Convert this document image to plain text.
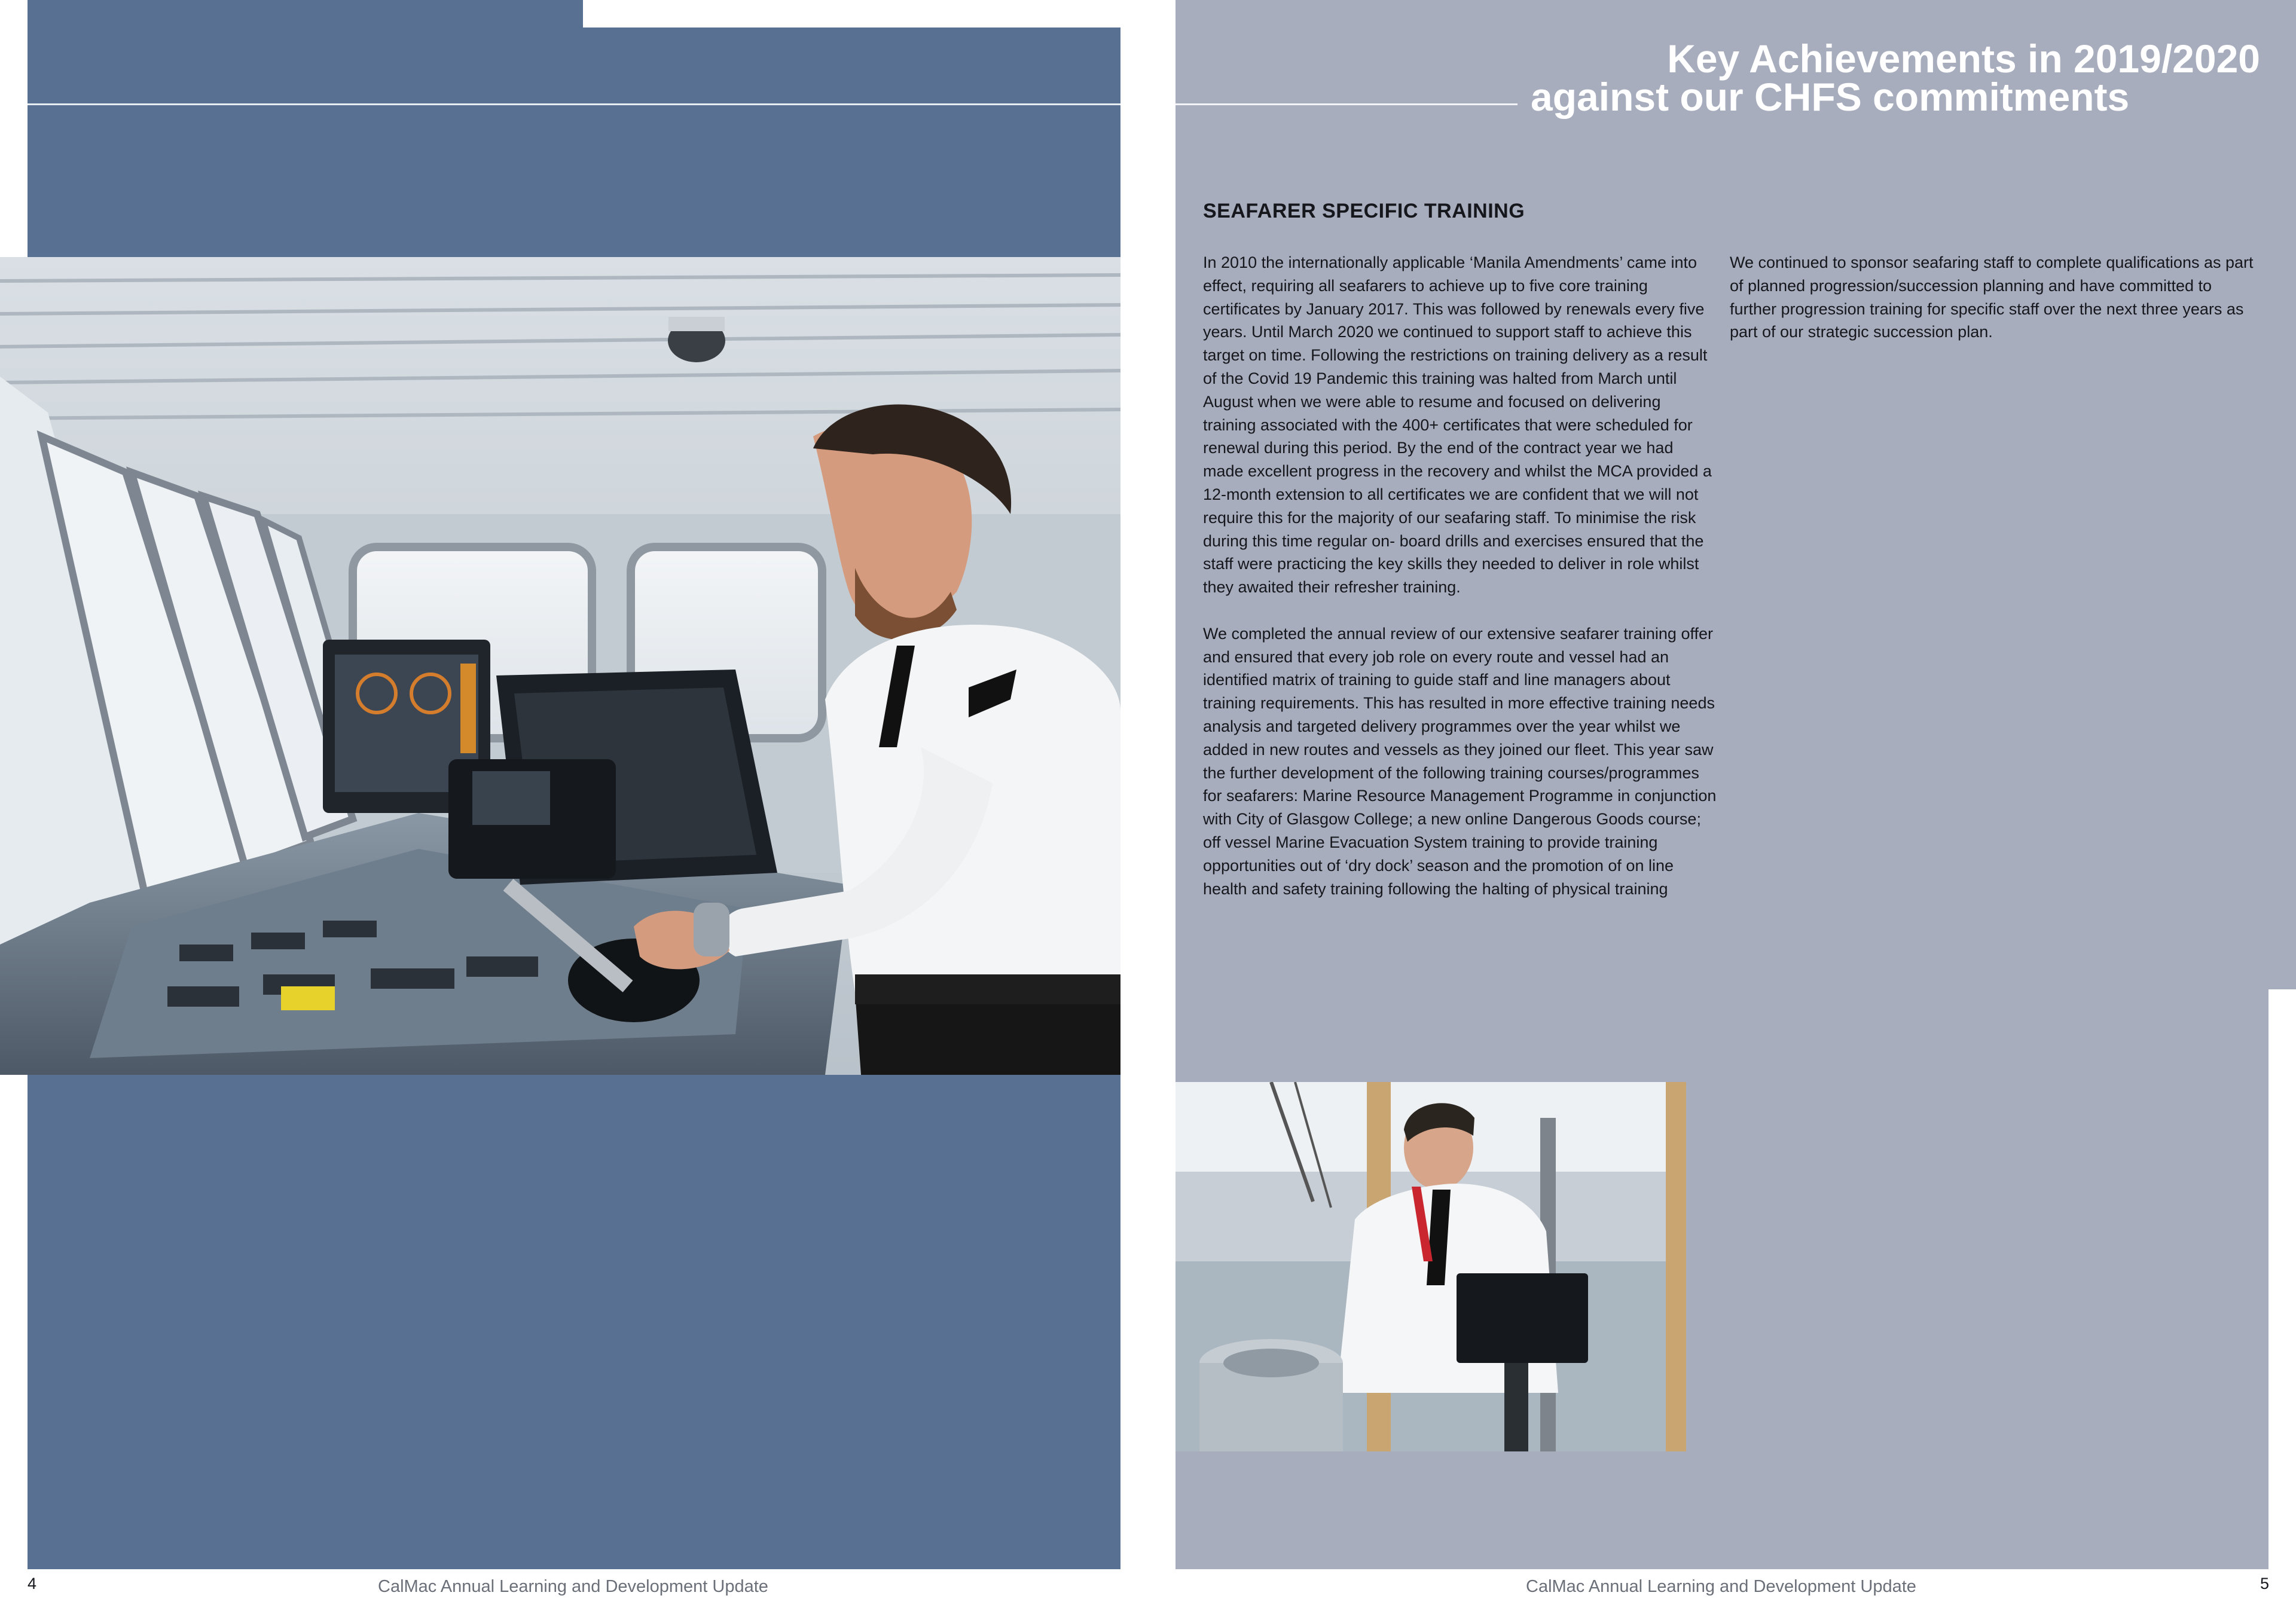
Key Achievements in 2019/2020
against our CHFS commitments
SEAFARER SPECIFIC TRAINING

In 2010 the internationally applicable ‘Manila Amendments’ came into effect, requiring all seafarers to achieve up to five core training certificates by January 2017. This was followed by renewals every five years. Until March 2020 we continued to support staff to achieve this target on time. Following the restrictions on training delivery as a result of the Covid 19 Pandemic this training was halted from March until August when we were able to resume and focused on delivering training associated with the 400+ certificates that were scheduled for renewal during this period. By the end of the contract year we had made excellent progress in the recovery and whilst the MCA provided a 12-month extension to all certificates we are confident that we will not require this for the majority of our seafaring staff. To minimise the risk during this time regular on- board drills and exercises ensured that the staff were practicing the key skills they needed to deliver in role whilst they awaited their refresher training.

We completed the annual review of our extensive seafarer training offer and ensured that every job role on every route and vessel had an identified matrix of training to guide staff and line managers about training requirements. This has resulted in more effective training needs analysis and targeted delivery programmes over the year whilst we added in new routes and vessels as they joined our fleet. This year saw the further development of the following training courses/programmes for seafarers: Marine Resource Management Programme in conjunction with City of Glasgow College; a new online Dangerous Goods course; off vessel Marine Evacuation System training to provide training opportunities out of ‘dry dock’ season and the promotion of on line health and safety training following the halting of physical training

We continued to sponsor seafaring staff to complete qualifications as part of planned progression/succession planning and have committed to further progression training for specific staff over the next three years as part of our strategic succession plan.

4	CalMac Annual Learning and Development Update	CalMac Annual Learning and Development Update	5
